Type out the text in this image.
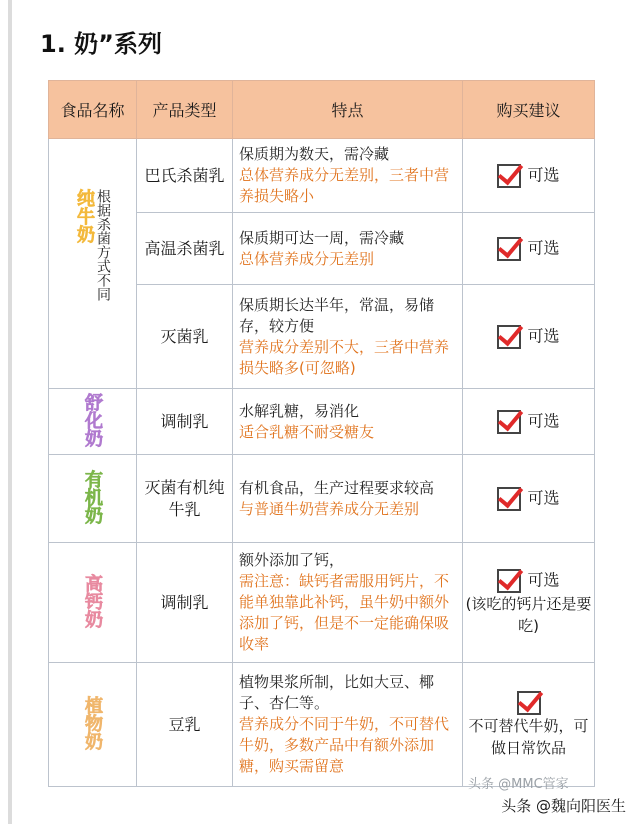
1. 奶”系列
食品名称	产品类型	特点	购买建议
纯牛奶根据杀菌方式不同	巴氏杀菌乳	保质期为数天，需冷藏
总体营养成分无差别，三者中营养损失略小	可选
	高温杀菌乳	保质期可达一周，需冷藏
总体营养成分无差别	可选
	灭菌乳	保质期长达半年，常温，易储存，较方便
营养成分差别不大，三者中营养损失略多(可忽略)	可选
舒化奶	调制乳	水解乳糖，易消化
适合乳糖不耐受糖友	可选
有机奶	灭菌有机纯牛乳	有机食品，生产过程要求较高
与普通牛奶营养成分无差别	可选
高钙奶	调制乳	额外添加了钙，
需注意：缺钙者需服用钙片，不能单独靠此补钙，虽牛奶中额外添加了钙，但是不一定能确保吸收率	可选
(该吃的钙片还是要吃)

植物奶	豆乳	植物果浆所制，比如大豆、椰子、杏仁等。
营养成分不同于牛奶，不可替代牛奶，多数产品中有额外添加糖，购买需留意	不可替代牛奶，可做日常饮品
头条 @MMC管家
头条 @魏向阳医生
